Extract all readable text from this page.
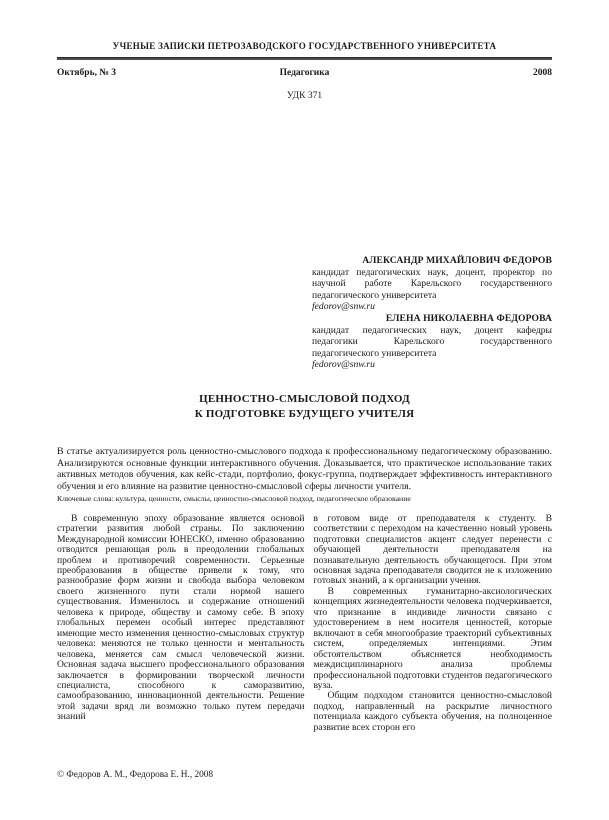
УЧЕНЫЕ ЗАПИСКИ ПЕТРОЗАВОДСКОГО ГОСУДАРСТВЕННОГО УНИВЕРСИТЕТА
Октябрь, № 3	Педагогика	2008
УДК 371
АЛЕКСАНДР МИХАЙЛОВИЧ ФЕДОРОВ
кандидат педагогических наук, доцент, проректор по научной работе Карельского государственного педагогического университета
fedorov@snw.ru
ЕЛЕНА НИКОЛАЕВНА ФЕДОРОВА
кандидат педагогических наук, доцент кафедры педагогики Карельского государственного педагогического университета
fedorov@snw.ru
ЦЕННОСТНО-СМЫСЛОВОЙ ПОДХОД
К ПОДГОТОВКЕ БУДУЩЕГО УЧИТЕЛЯ
В статье актуализируется роль ценностно-смыслового подхода к профессиональному педагогическому образованию. Анализируются основные функции интерактивного обучения. Доказывается, что практическое использование таких активных методов обучения, как кейс-стади, портфолио, фокус-группа, подтверждает эффективность интерактивного обучения и его влияние на развитие ценностно-смысловой сферы личности учителя.
Ключевые слова: культура, ценности, смыслы, ценностно-смысловой подход, педагогическое образование

В современную эпоху образование является основой стратегии развития любой страны. По заключению Международной комиссии ЮНЕСКО, именно образованию отводится решающая роль в преодолении глобальных проблем и противоречий современности. Серьезные преобразования в обществе привели к тому, что разнообразие форм жизни и свобода выбора человеком своего жизненного пути стали нормой нашего существования. Изменилось и содержание отношений человека к природе, обществу и самому себе. В эпоху глобальных перемен особый интерес представляют имеющие место изменения ценностно-смысловых структур человека: меняются не только ценности и ментальность человека, меняется сам смысл человеческой жизни. Основная задача высшего профессионального образования заключается в формировании творческой личности специалиста, способного к саморазвитию, самообразованию, инновационной деятельности. Решение этой задачи вряд ли возможно только путем передачи знаний

в готовом виде от преподавателя к студенту. В соответствии с переходом на качественно новый уровень подготовки специалистов акцент следует перенести с обучающей деятельности преподавателя на познавательную деятельность обучающегося. При этом основная задача преподавателя сводится не к изложению готовых знаний, а к организации учения.

В современных гуманитарно-аксиологических концепциях жизнедеятельности человека подчеркивается, что признание в индивиде личности связано с удостоверением в нем носителя ценностей, которые включают в себя многообразие траекторий субъективных систем, определяемых интенциями. Этим обстоятельством объясняется необходимость междисциплинарного анализа проблемы профессиональной подготовки студентов педагогического вуза.

Общим подходом становится ценностно-смысловой подход, направленный на раскрытие личностного потенциала каждого субъекта обучения, на полноценное развитие всех сторон его

© Федоров А. М., Федорова Е. Н., 2008
